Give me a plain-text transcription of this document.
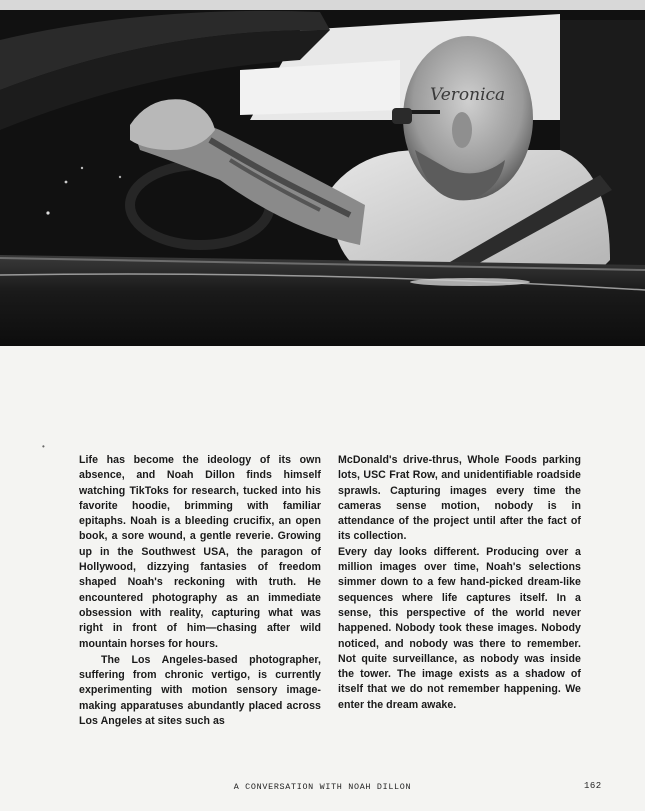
Veronica
•

Life has become the ideology of its own absence, and Noah Dillon finds himself watching TikToks for research, tucked into his favorite hoodie, brimming with familiar epitaphs. Noah is a bleeding crucifix, an open book, a sore wound, a gentle reverie. Growing up in the Southwest USA, the paragon of Hollywood, dizzying fantasies of freedom shaped Noah's reckoning with truth. He encountered photography as an immediate obsession with reality, capturing what was right in front of him—chasing after wild mountain horses for hours.

The Los Angeles-based photographer, suffering from chronic vertigo, is currently experimenting with motion sensory image-making apparatuses abundantly placed across Los Angeles at sites such as

McDonald's drive-thrus, Whole Foods parking lots, USC Frat Row, and unidentifiable roadside sprawls. Capturing images every time the cameras sense motion, nobody is in attendance of the project until after the fact of its collection.

Every day looks different. Producing over a million images over time, Noah's selections simmer down to a few hand-picked dream-like sequences where life captures itself. In a sense, this perspective of the world never happened. Nobody took these images. Nobody noticed, and nobody was there to remember. Not quite surveillance, as nobody was inside the tower. The image exists as a shadow of itself that we do not remember happening. We enter the dream awake.

A CONVERSATION WITH NOAH DILLON	162
